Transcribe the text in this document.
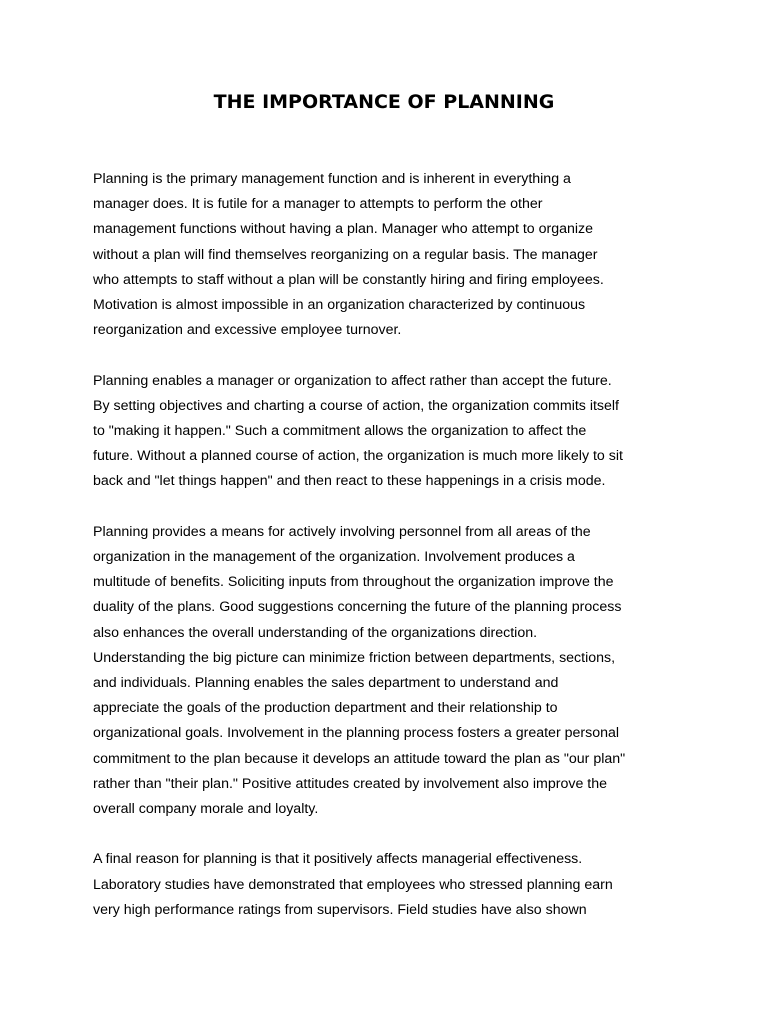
THE IMPORTANCE OF PLANNING

Planning is the primary management function and is inherent in everything a
manager does. It is futile for a manager to attempts to perform the other
management functions without having a plan. Manager who attempt to organize
without a plan will find themselves reorganizing on a regular basis. The manager
who attempts to staff without a plan will be constantly hiring and firing employees.
Motivation is almost impossible in an organization characterized by continuous
reorganization and excessive employee turnover.

Planning enables a manager or organization to affect rather than accept the future.
By setting objectives and charting a course of action, the organization commits itself
to "making it happen." Such a commitment allows the organization to affect the
future. Without a planned course of action, the organization is much more likely to sit
back and "let things happen" and then react to these happenings in a crisis mode.

Planning provides a means for actively involving personnel from all areas of the
organization in the management of the organization. Involvement produces a
multitude of benefits. Soliciting inputs from throughout the organization improve the
duality of the plans. Good suggestions concerning the future of the planning process
also enhances the overall understanding of the organizations direction.
Understanding the big picture can minimize friction between departments, sections,
and individuals. Planning enables the sales department to understand and
appreciate the goals of the production department and their relationship to
organizational goals. Involvement in the planning process fosters a greater personal
commitment to the plan because it develops an attitude toward the plan as "our plan"
rather than "their plan." Positive attitudes created by involvement also improve the
overall company morale and loyalty.

A final reason for planning is that it positively affects managerial effectiveness.
Laboratory studies have demonstrated that employees who stressed planning earn
very high performance ratings from supervisors. Field studies have also shown
